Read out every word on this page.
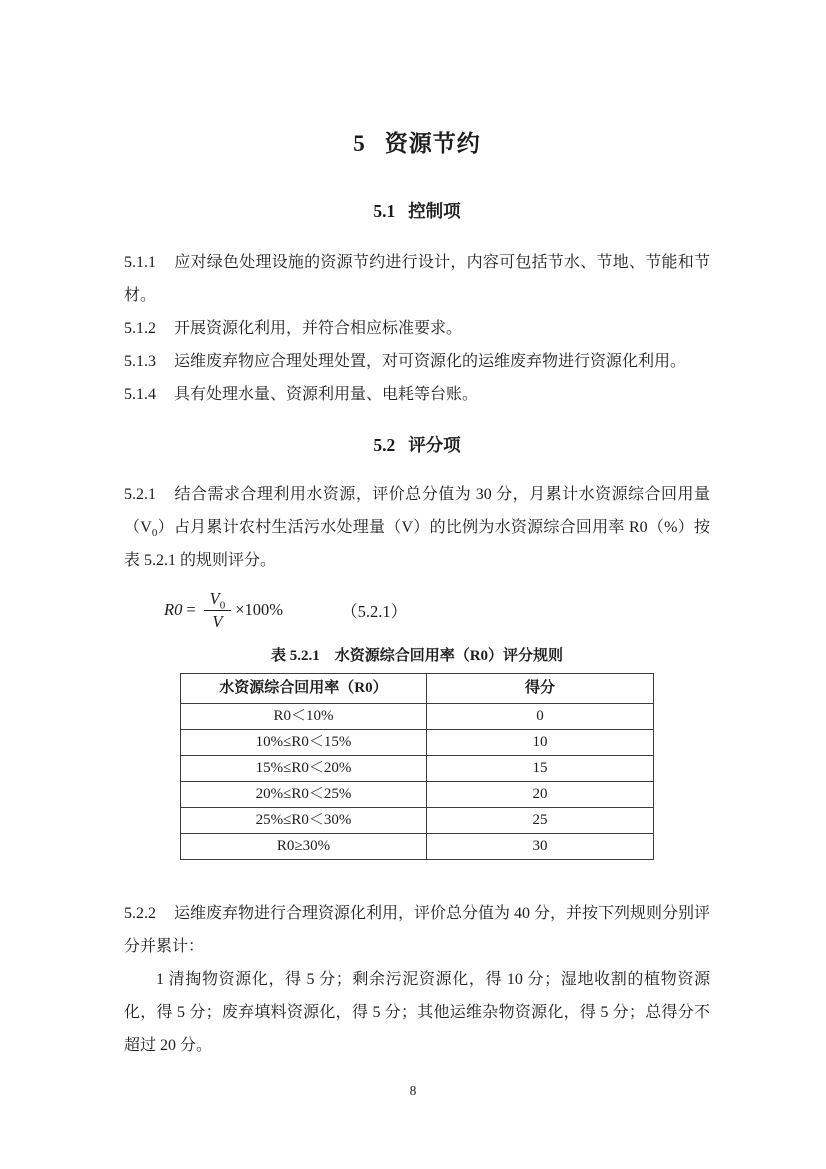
5 资源节约
5.1 控制项

5.1.1 应对绿色处理设施的资源节约进行设计，内容可包括节水、节地、节能和节材。

5.1.2 开展资源化利用，并符合相应标准要求。

5.1.3 运维废弃物应合理处理处置，对可资源化的运维废弃物进行资源化利用。

5.1.4 具有处理水量、资源利用量、电耗等台账。

5.2 评分项

5.2.1 结合需求合理利用水资源，评价总分值为 30 分，月累计水资源综合回用量$(V_0)$占月累计农村生活污水处理量（V）的比例为水资源综合回用率 R0（%）按表 5.2.1 的规则评分。

$R0 = \frac{V_0}{V} \times 100\%$	（5.2.1）
表 5.2.1　水资源综合回用率（R0）评分规则
水资源综合回用率（R0）	得分
R0＜10%	0
10%≤R0＜15%	10
15%≤R0＜20%	15
20%≤R0＜25%	20
25%≤R0＜30%	25
R0≥30%	30

5.2.2 运维废弃物进行合理资源化利用，评价总分值为 40 分，并按下列规则分别评分并累计：

1 清掏物资源化，得 5 分；剩余污泥资源化，得 10 分；湿地收割的植物资源化，得 5 分；废弃填料资源化，得 5 分；其他运维杂物资源化，得 5 分；总得分不超过 20 分。

8
